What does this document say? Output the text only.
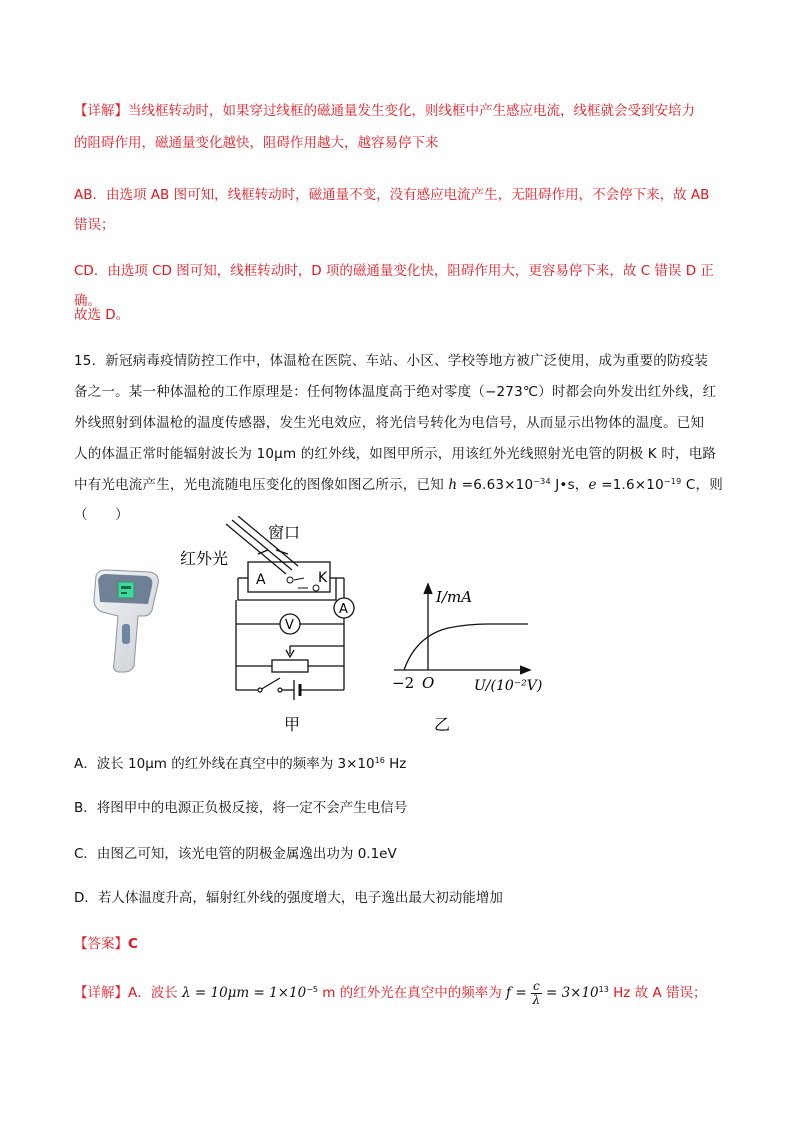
【详解】当线框转动时，如果穿过线框的磁通量发生变化，则线框中产生感应电流，线框就会受到安培力

的阻碍作用，磁通量变化越快，阻碍作用越大，越容易停下来

AB．由选项 AB 图可知，线框转动时，磁通量不变，没有感应电流产生，无阻碍作用，不会停下来，故 AB

错误；

CD．由选项 CD 图可知，线框转动时，D 项的磁通量变化快，阻碍作用大，更容易停下来，故 C 错误 D 正确。

故选 D。

15．新冠病毒疫情防控工作中，体温枪在医院、车站、小区、学校等地方被广泛使用，成为重要的防疫装

备之一。某一种体温枪的工作原理是：任何物体温度高于绝对零度（−273℃）时都会向外发出红外线，红

外线照射到体温枪的温度传感器，发生光电效应，将光信号转化为电信号，从而显示出物体的温度。已知

人的体温正常时能辐射波长为 10μm 的红外线，如图甲所示，用该红外光线照射光电管的阴极 K 时，电路

中有光电流产生，光电流随电压变化的图像如图乙所示，已知 $h =6.63\times 10^{-34}$ J•s，$e =1.6\times 10^{-19}$ C，则（　　）

窗口
红外光
A	K
V
A
甲
I/mA
O
−2	U/(10⁻²V)
乙
A．波长 10μm 的红外线在真空中的频率为 $3\times 10^{16}$ Hz
B．将图甲中的电源正负极反接，将一定不会产生电信号
C．由图乙可知，该光电管的阴极金属逸出功为 0.1eV
D．若人体温度升高，辐射红外线的强度增大，电子逸出最大初动能增加
【答案】C
【详解】A．波长 $\lambda = 10\mu m = 1\times 10^{-5}$ m 的红外光在真空中的频率为 $f = \frac{c}{\lambda} = 3\times 10^{13}$ Hz 故 A 错误；
